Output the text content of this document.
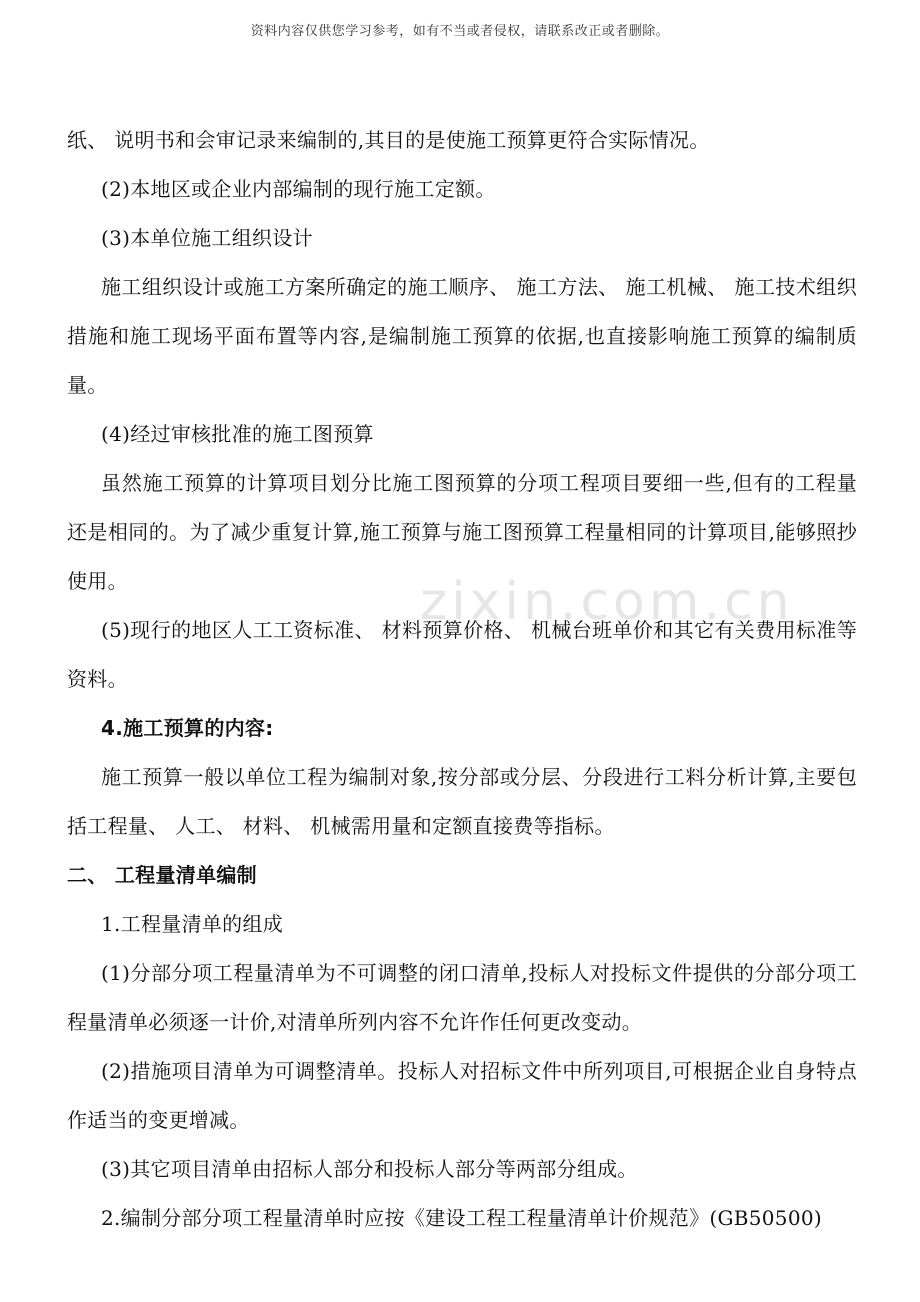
资料内容仅供您学习参考，如有不当或者侵权，请联系改正或者删除。
zixin.com.cn

纸、 说明书和会审记录来编制的,其目的是使施工预算更符合实际情况。

(2)本地区或企业内部编制的现行施工定额。

(3)本单位施工组织设计

施工组织设计或施工方案所确定的施工顺序、 施工方法、 施工机械、 施工技术组织措施和施工现场平面布置等内容,是编制施工预算的依据,也直接影响施工预算的编制质量。

(4)经过审核批准的施工图预算

虽然施工预算的计算项目划分比施工图预算的分项工程项目要细一些,但有的工程量还是相同的。为了减少重复计算,施工预算与施工图预算工程量相同的计算项目,能够照抄使用。

(5)现行的地区人工工资标准、 材料预算价格、 机械台班单价和其它有关费用标准等资料。

4.施工预算的内容:

施工预算一般以单位工程为编制对象,按分部或分层、分段进行工料分析计算,主要包括工程量、 人工、 材料、 机械需用量和定额直接费等指标。

二、 工程量清单编制

1.工程量清单的组成

(1)分部分项工程量清单为不可调整的闭口清单,投标人对投标文件提供的分部分项工程量清单必须逐一计价,对清单所列内容不允许作任何更改变动。

(2)措施项目清单为可调整清单。投标人对招标文件中所列项目,可根据企业自身特点作适当的变更增减。

(3)其它项目清单由招标人部分和投标人部分等两部分组成。

2.编制分部分项工程量清单时应按《建设工程工程量清单计价规范》(GB50500)
